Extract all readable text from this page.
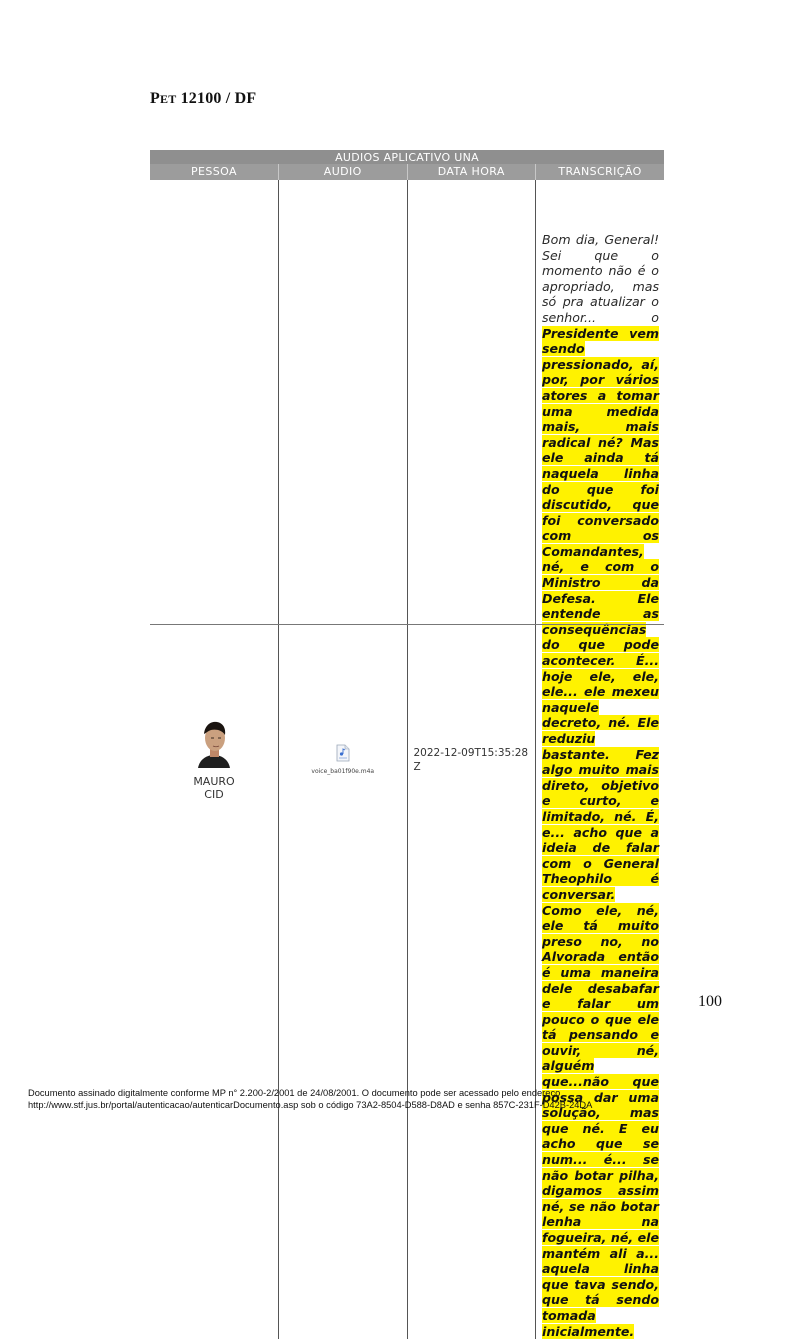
PET 12100 / DF
AUDIOS APLICATIVO UNA			
PESSOA	AUDIO	DATA HORA	TRANSCRIÇÃO

MAURO
CID	voice_ba01f90e.m4a	2022-12-09T15:35:28Z	Bom dia, General! Sei que o momento não é o apropriado, mas só pra atualizar o senhor... o Presidente vem sendo pressionado, aí, por, por vários atores a tomar uma medida mais, mais radical né? Mas ele ainda tá naquela linha do que foi discutido, que foi conversado com os Comandantes, né, e com o Ministro da Defesa. Ele entende as consequências do que pode acontecer. É... hoje ele, ele, ele... ele mexeu naquele decreto, né. Ele reduziu bastante. Fez algo muito mais direto, objetivo e curto, e limitado, né. É, e... acho que a ideia de falar com o General Theophilo é conversar. Como ele, né, ele tá muito preso no, no Alvorada então é uma maneira dele desabafar e falar um pouco o que ele tá pensando e ouvir, né, alguém que...não que possa dar uma solução, mas que né. E eu acho que se num... é... se não botar pilha, digamos assim né, se não botar lenha na fogueira, né, ele mantém ali a... aquela linha que tava sendo, que tá sendo tomada inicialmente.
100
Documento assinado digitalmente conforme MP n° 2.200-2/2001 de 24/08/2001. O documento pode ser acessado pelo endereço
http://www.stf.jus.br/portal/autenticacao/autenticarDocumento.asp sob o código 73A2-8504-D588-D8AD e senha 857C-231F-D42B-24DA
